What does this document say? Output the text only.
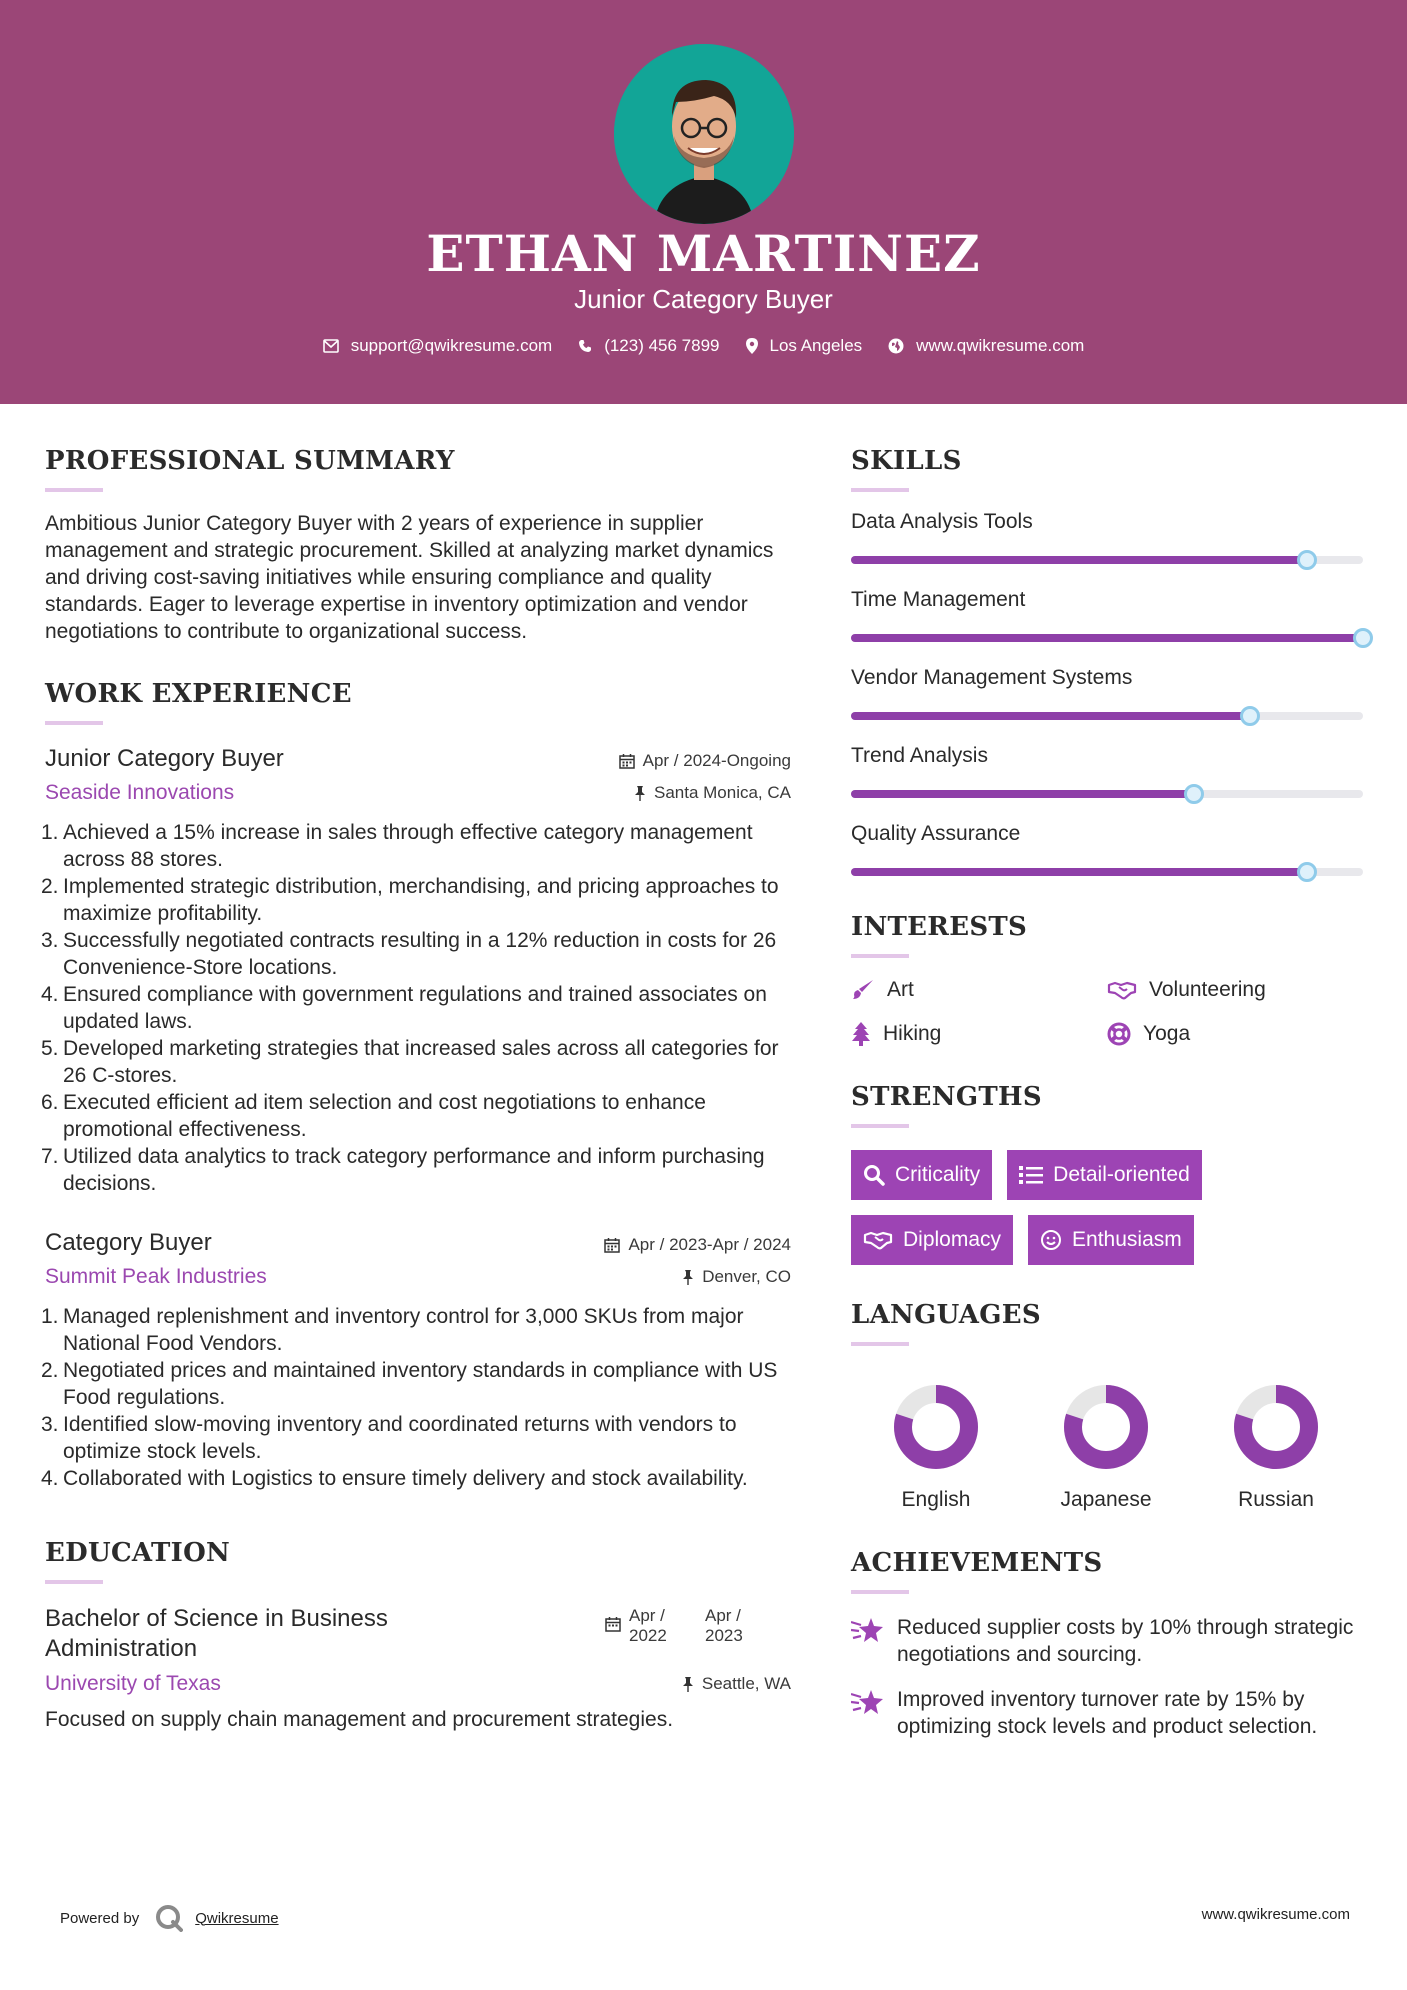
ETHAN MARTINEZ
Junior Category Buyer
support@qwikresume.com	(123) 456 7899	Los Angeles	www.qwikresume.com
PROFESSIONAL SUMMARY
Ambitious Junior Category Buyer with 2 years of experience in supplier management and strategic procurement. Skilled at analyzing market dynamics and driving cost-saving initiatives while ensuring compliance and quality standards. Eager to leverage expertise in inventory optimization and vendor negotiations to contribute to organizational success.
WORK EXPERIENCE
Junior Category Buyer
Seaside Innovations
Apr / 2024-Ongoing
Santa Monica, CA
1. Achieved a 15% increase in sales through effective category management across 88 stores.
2. Implemented strategic distribution, merchandising, and pricing approaches to maximize profitability.
3. Successfully negotiated contracts resulting in a 12% reduction in costs for 26 Convenience-Store locations.
4. Ensured compliance with government regulations and trained associates on updated laws.
5. Developed marketing strategies that increased sales across all categories for 26 C-stores.
6. Executed efficient ad item selection and cost negotiations to enhance promotional effectiveness.
7. Utilized data analytics to track category performance and inform purchasing decisions.
Category Buyer
Summit Peak Industries
Apr / 2023-Apr / 2024
Denver, CO
1. Managed replenishment and inventory control for 3,000 SKUs from major National Food Vendors.
2. Negotiated prices and maintained inventory standards in compliance with US Food regulations.
3. Identified slow-moving inventory and coordinated returns with vendors to optimize stock levels.
4. Collaborated with Logistics to ensure timely delivery and stock availability.
EDUCATION
Bachelor of Science in Business Administration
University of Texas
Apr / 2022
Apr / 2023
Seattle, WA
Focused on supply chain management and procurement strategies.
SKILLS
Data Analysis Tools
Time Management
Vendor Management Systems
Trend Analysis
Quality Assurance
INTERESTS
Art	Volunteering
Hiking	Yoga
STRENGTHS
Criticality	Detail-oriented
Diplomacy	Enthusiasm
LANGUAGES
English	Japanese	Russian
ACHIEVEMENTS
Reduced supplier costs by 10% through strategic negotiations and sourcing.
Improved inventory turnover rate by 15% by optimizing stock levels and product selection.
Powered by	Qwikresume	www.qwikresume.com
